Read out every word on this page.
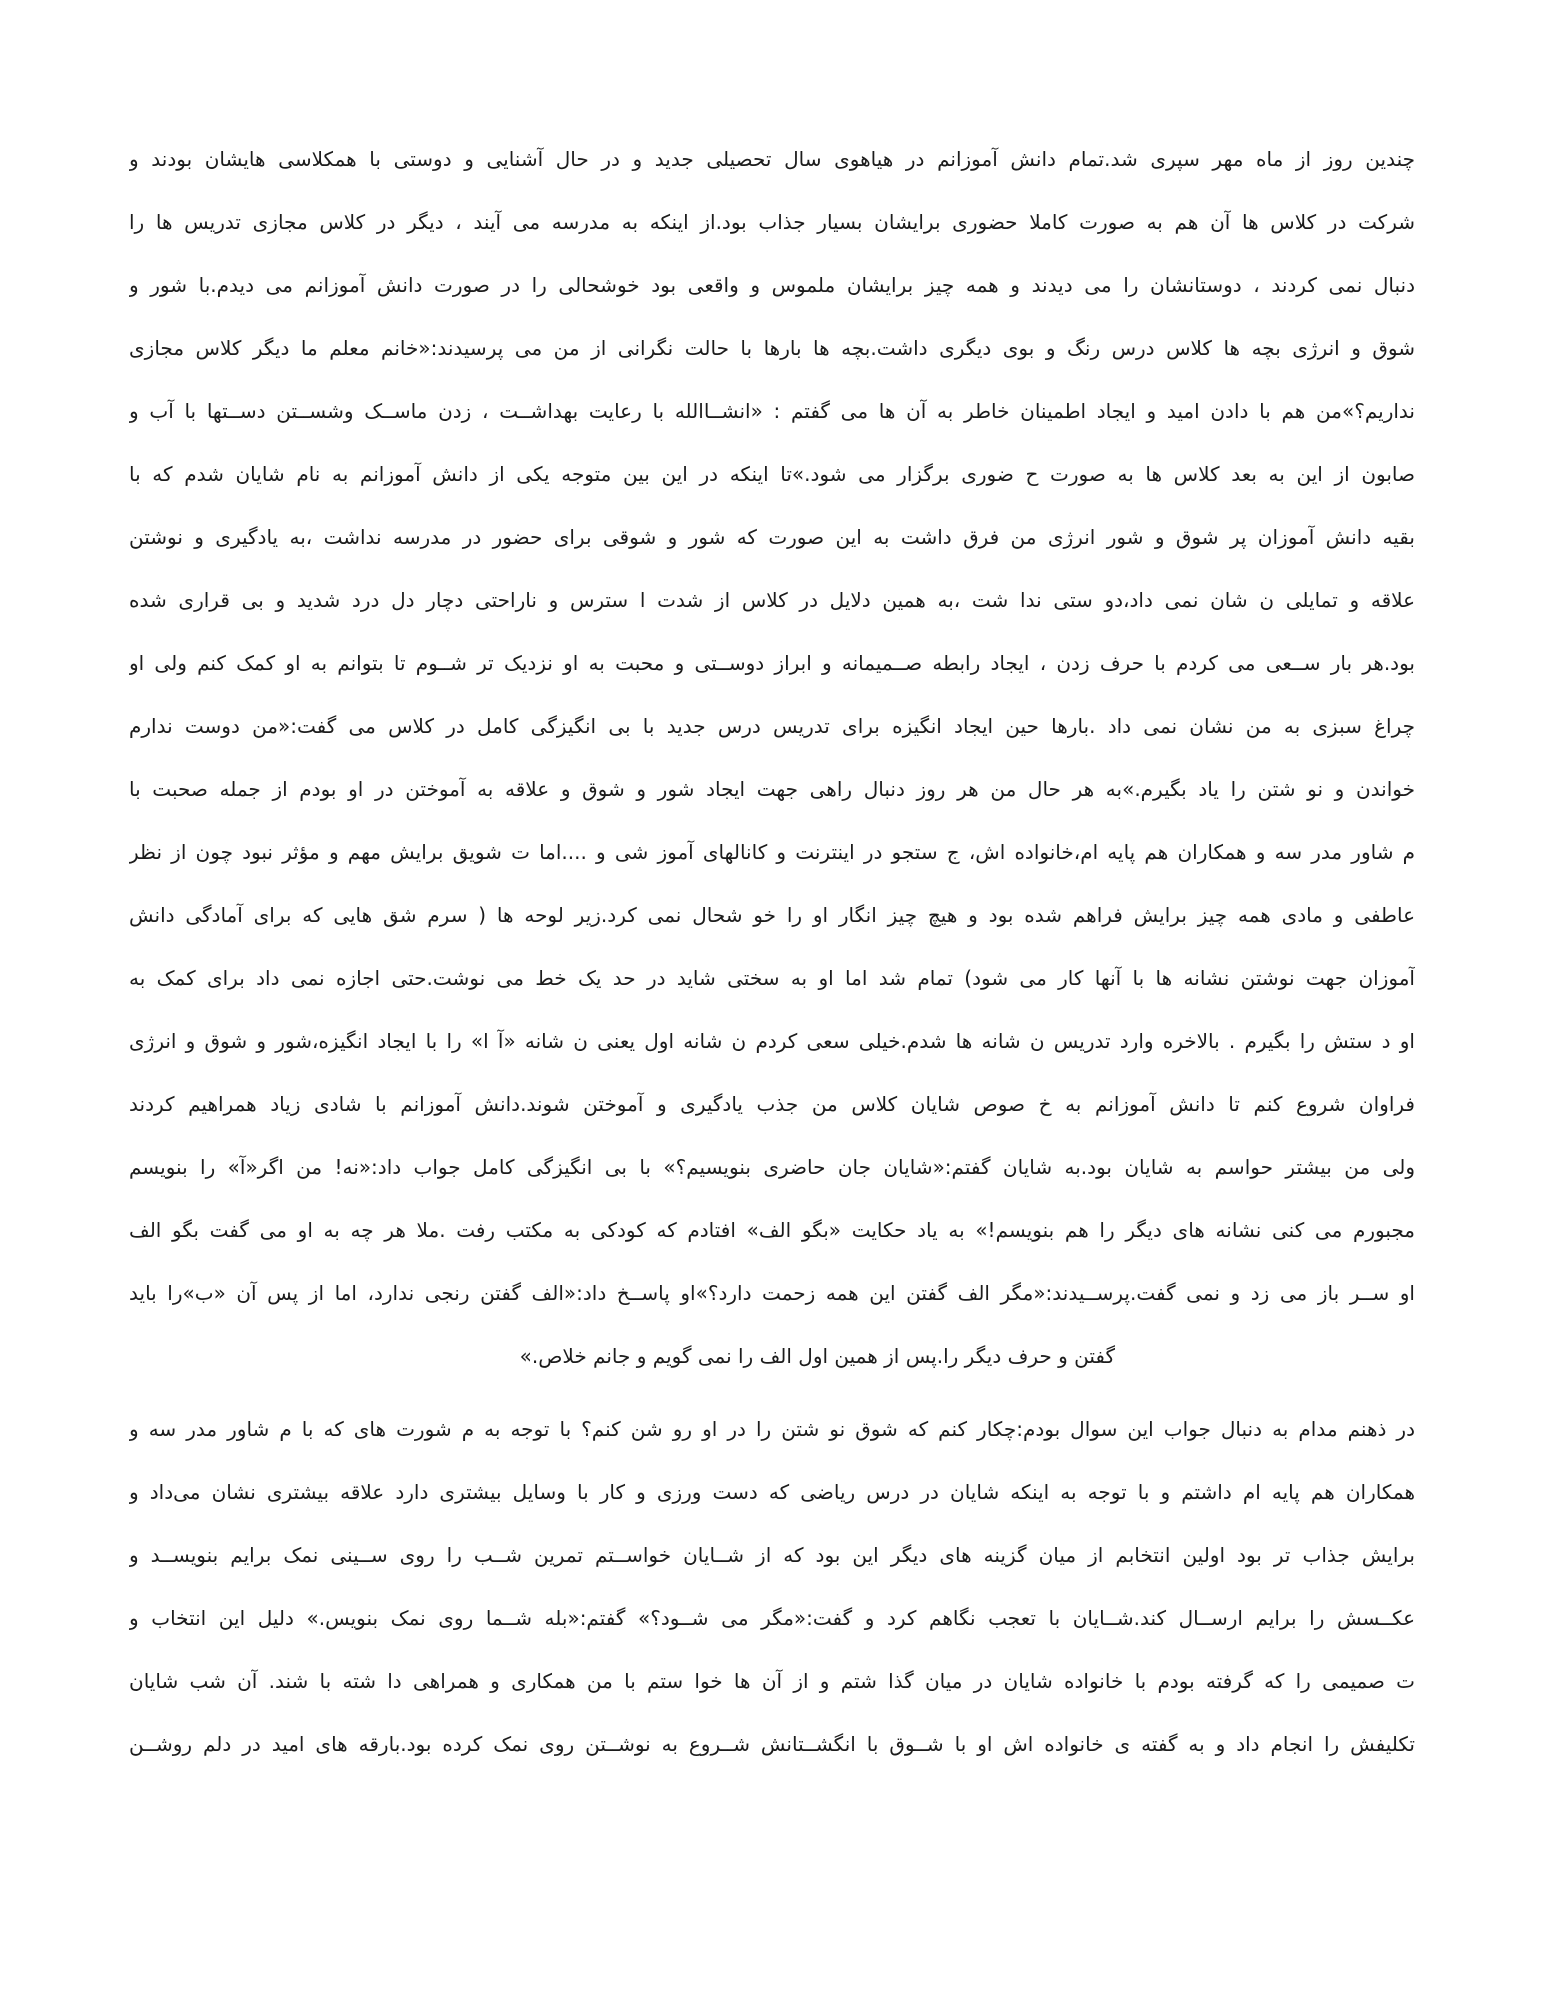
چندین روز از ماه مهر سپری شد.تمام دانش آموزانم در هیاهوی سال تحصیلی جدید و در حال آشنایی و دوستی با همکلاسی هایشان بودند و
شرکت در کلاس ها آن هم به صورت کاملا حضوری برایشان بسیار جذاب بود.از اینکه به مدرسه می آیند ، دیگر در کلاس مجازی تدریس ها را
دنبال نمی کردند ، دوستانشان را می دیدند و همه چیز برایشان ملموس و واقعی بود خوشحالی را در صورت دانش آموزانم می دیدم.با شور و
شوق و انرژی بچه ها کلاس درس رنگ و بوی دیگری داشت.بچه ها بارها با حالت نگرانی از من می پرسیدند:«خانم معلم ما دیگر کلاس مجازی
نداریم؟»من هم با دادن امید و ایجاد اطمینان خاطر به آن ها می گفتم : «انشــاالله با رعایت بهداشــت ، زدن ماســک وشســتن دســتها با آب و
صابون از این به بعد کلاس ها به صورت ح ضوری برگزار می شود.»تا اینکه در این بین متوجه یکی از دانش آموزانم به نام شایان شدم که با
بقیه دانش آموزان پر شوق و شور انرژی من فرق داشت به این صورت که شور و شوقی برای حضور در مدرسه نداشت ،به یادگیری و نوشتن
علاقه و تمایلی ن شان نمی داد،دو ستی ندا شت ،به همین دلایل در کلاس از شدت ا سترس و ناراحتی دچار دل درد شدید و بی قراری شده
بود.هر بار ســعی می کردم با حرف زدن ، ایجاد رابطه صــمیمانه و ابراز دوســتی و محبت به او نزدیک تر شــوم تا بتوانم به او کمک کنم ولی او
چراغ سبزی به من نشان نمی داد .بارها حین ایجاد انگیزه برای تدریس درس جدید با بی انگیزگی کامل در کلاس می گفت:«من دوست ندارم
خواندن و نو شتن را یاد بگیرم.»به هر حال من هر روز دنبال راهی جهت ایجاد شور و شوق و علاقه به آموختن در او بودم از جمله صحبت با
م شاور مدر سه و همکاران هم پایه ام،خانواده اش، ج ستجو در اینترنت و کانالهای آموز شی و ....اما ت شویق برایش مهم و مؤثر نبود چون از نظر
عاطفی و مادی همه چیز برایش فراهم شده بود و هیچ چیز انگار او را خو شحال نمی کرد.زیر لوحه ها ( سرم شق هایی که برای آمادگی دانش
آموزان جهت نوشتن نشانه ها با آنها کار می شود) تمام شد اما او به سختی شاید در حد یک خط می نوشت.حتی اجازه نمی داد برای کمک به
او د ستش را بگیرم . بالاخره وارد تدریس ن شانه ها شدم.خیلی سعی کردم ن شانه اول یعنی ن شانه «آ ا» را با ایجاد انگیزه،شور و شوق و انرژی
فراوان شروع کنم تا دانش آموزانم به خ صوص شایان کلاس من جذب یادگیری و آموختن شوند.دانش آموزانم با شادی زیاد همراهیم کردند
ولی من بیشتر حواسم به شایان بود.به شایان گفتم:«شایان جان حاضری بنویسیم؟» با بی انگیزگی کامل جواب داد:«نه! من اگر«آ» را بنویسم
مجبورم می کنی نشانه های دیگر را هم بنویسم!» به یاد حکایت «بگو الف» افتادم که کودکی به مکتب رفت .ملا هر چه به او می گفت بگو الف
او ســر باز می زد و نمی گفت.پرســیدند:«مگر الف گفتن این همه زحمت دارد؟»او پاســخ داد:«الف گفتن رنجی ندارد، اما از پس آن «ب»را باید
گفتن و حرف دیگر را.پس از همین اول الف را نمی گویم و جانم خلاص.»
در ذهنم مدام به دنبال جواب این سوال بودم:چکار کنم که شوق نو شتن را در او رو شن کنم؟ با توجه به م شورت های که با م شاور مدر سه و
همکاران هم پایه ام داشتم و با توجه به اینکه شایان در درس ریاضی که دست ورزی و کار با وسایل بیشتری دارد علاقه بیشتری نشان می‌داد و
برایش جذاب تر بود اولین انتخابم از میان گزینه های دیگر این بود که از شــایان خواســتم تمرین شــب را روی ســینی نمک برایم بنویســد و
عکــسش را برایم ارســال کند.شــایان با تعجب نگاهم کرد و گفت:«مگر می شــود؟» گفتم:«بله شــما روی نمک بنویس.» دلیل این انتخاب و
ت صمیمی را که گرفته بودم با خانواده شایان در میان گذا شتم و از آن ها خوا ستم با من همکاری و همراهی دا شته با شند. آن شب شایان
تکلیفش را انجام داد و به گفته ی خانواده اش او با شــوق با انگشــتانش شــروع به نوشــتن روی نمک کرده بود.بارقه های امید در دلم روشــن
